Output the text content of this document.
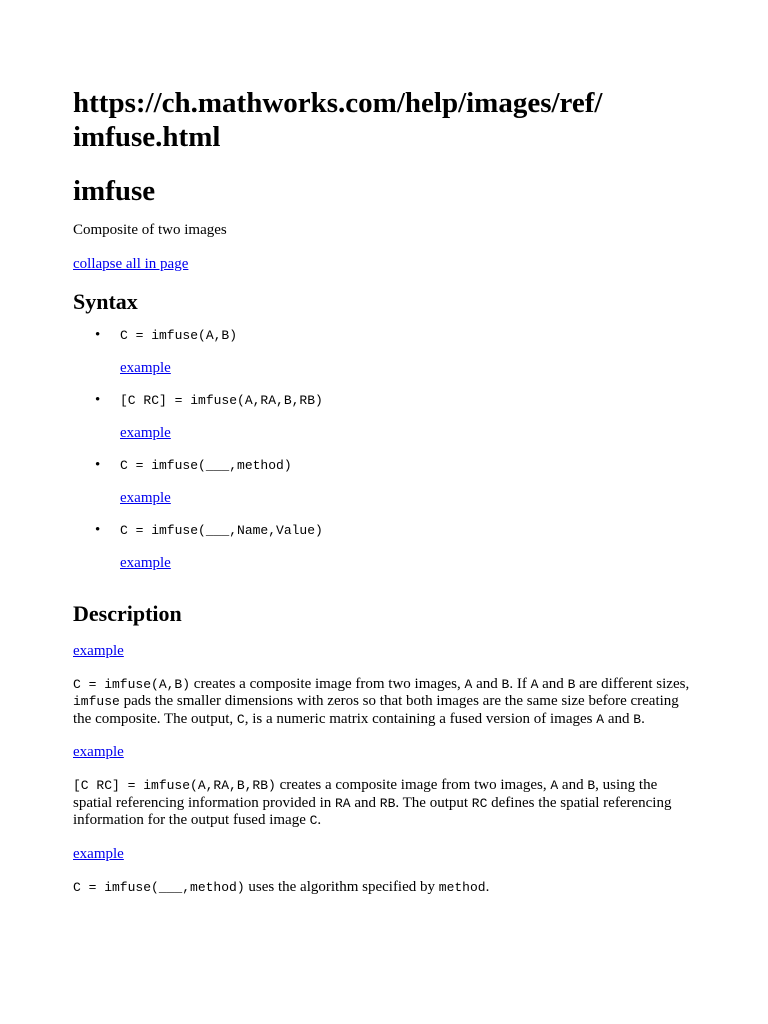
https://ch.mathworks.com/help/images/ref/
imfuse.html
imfuse

Composite of two images

collapse all in page
Syntax
• C = imfuse(A,B)
example
• [C RC] = imfuse(A,RA,B,RB)
example
• C = imfuse(___,method)
example
• C = imfuse(___,Name,Value)
example
Description
example

C = imfuse(A,B) creates a composite image from two images, A and B. If A and B are different sizes, imfuse pads the smaller dimensions with zeros so that both images are the same size before creating the composite. The output, C, is a numeric matrix containing a fused version of images A and B.

example

[C RC] = imfuse(A,RA,B,RB) creates a composite image from two images, A and B, using the spatial referencing information provided in RA and RB. The output RC defines the spatial referencing information for the output fused image C.

example

C = imfuse(___,method) uses the algorithm specified by method.
